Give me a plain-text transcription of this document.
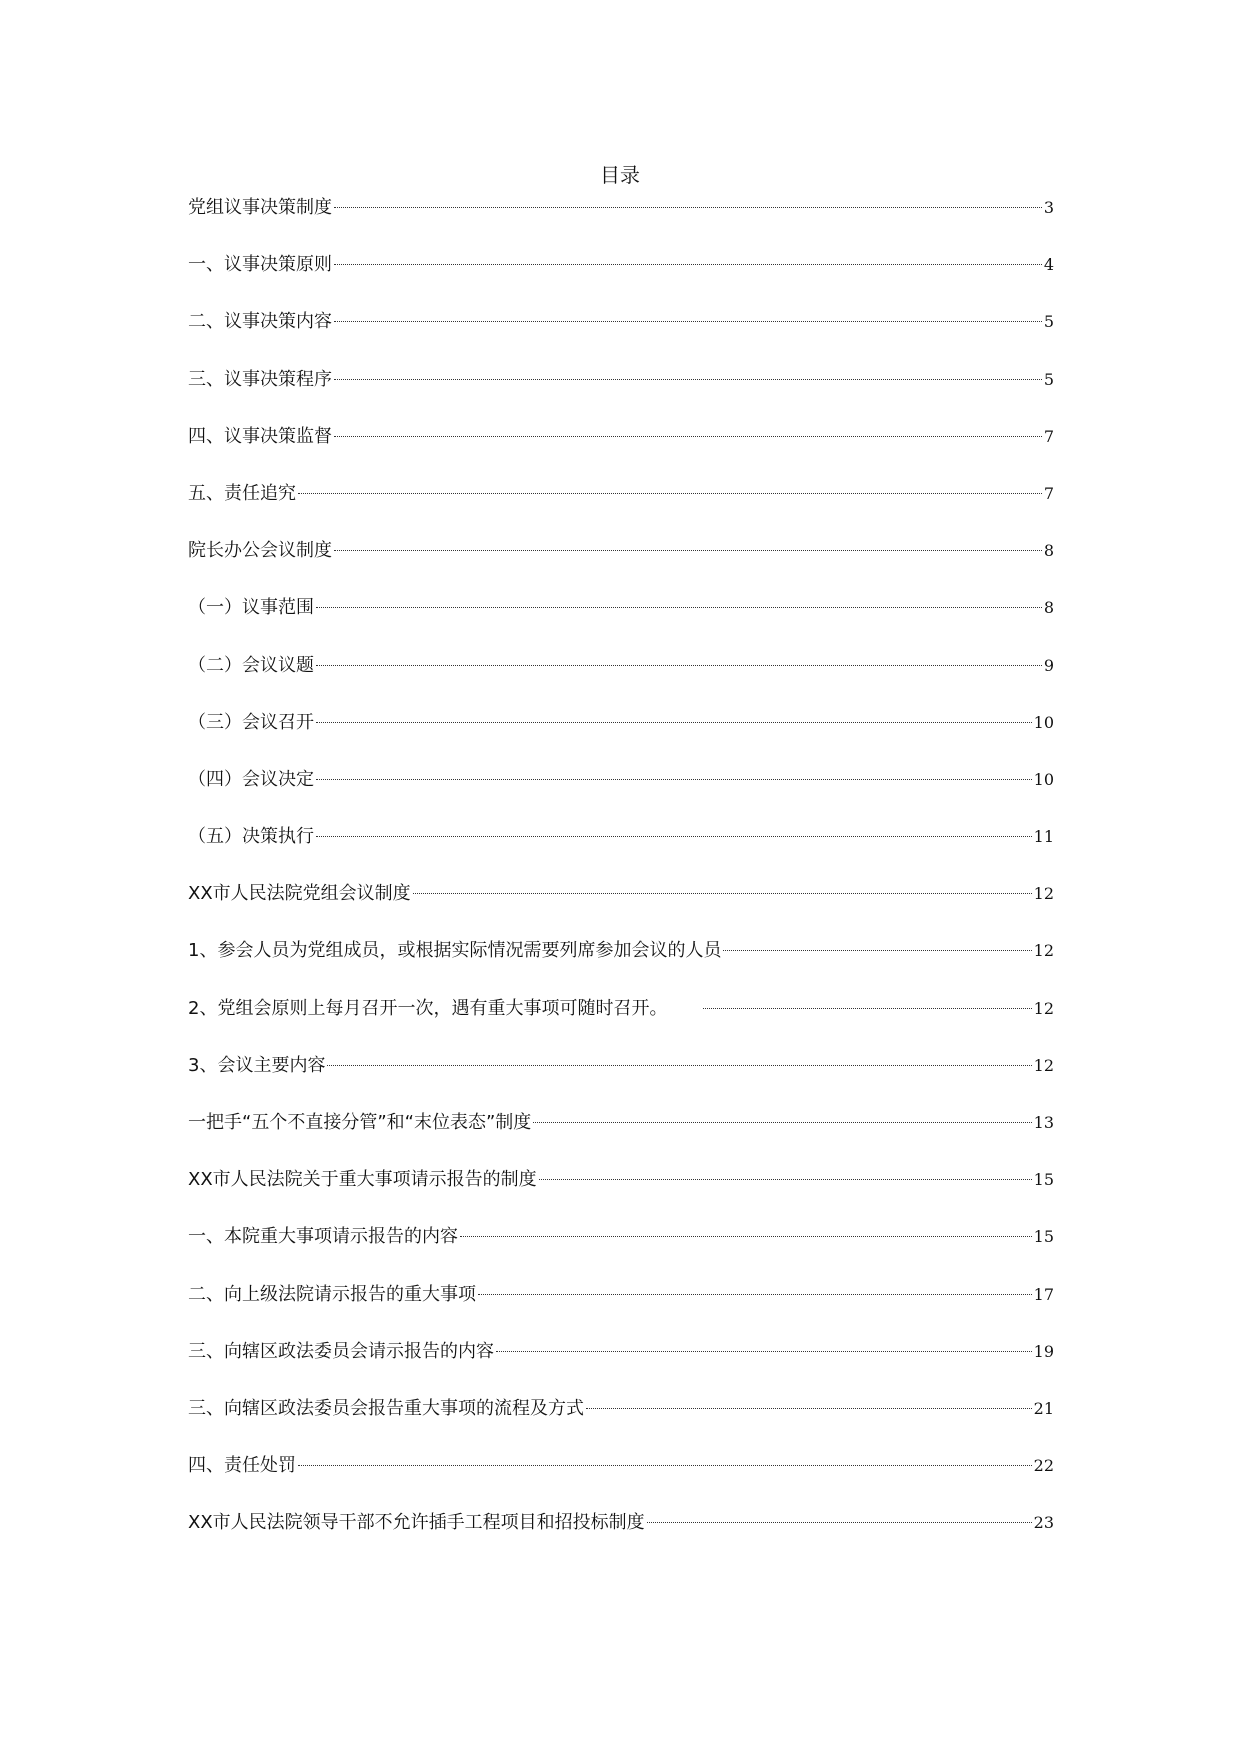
目录
党组议事决策制度	3
一、议事决策原则	4
二、议事决策内容	5
三、议事决策程序	5
四、议事决策监督	7
五、责任追究	7
院长办公会议制度	8
（一）议事范围	8
（二）会议议题	9
（三）会议召开	10
（四）会议决定	10
（五）决策执行	11
XX市人民法院党组会议制度	12
1、参会人员为党组成员，或根据实际情况需要列席参加会议的人员	12
2、党组会原则上每月召开一次，遇有重大事项可随时召开。	12
3、会议主要内容	12
一把手“五个不直接分管”和“末位表态”制度	13
XX市人民法院关于重大事项请示报告的制度	15
一、本院重大事项请示报告的内容	15
二、向上级法院请示报告的重大事项	17
三、向辖区政法委员会请示报告的内容	19
三、向辖区政法委员会报告重大事项的流程及方式	21
四、责任处罚	22
XX市人民法院领导干部不允许插手工程项目和招投标制度	23
